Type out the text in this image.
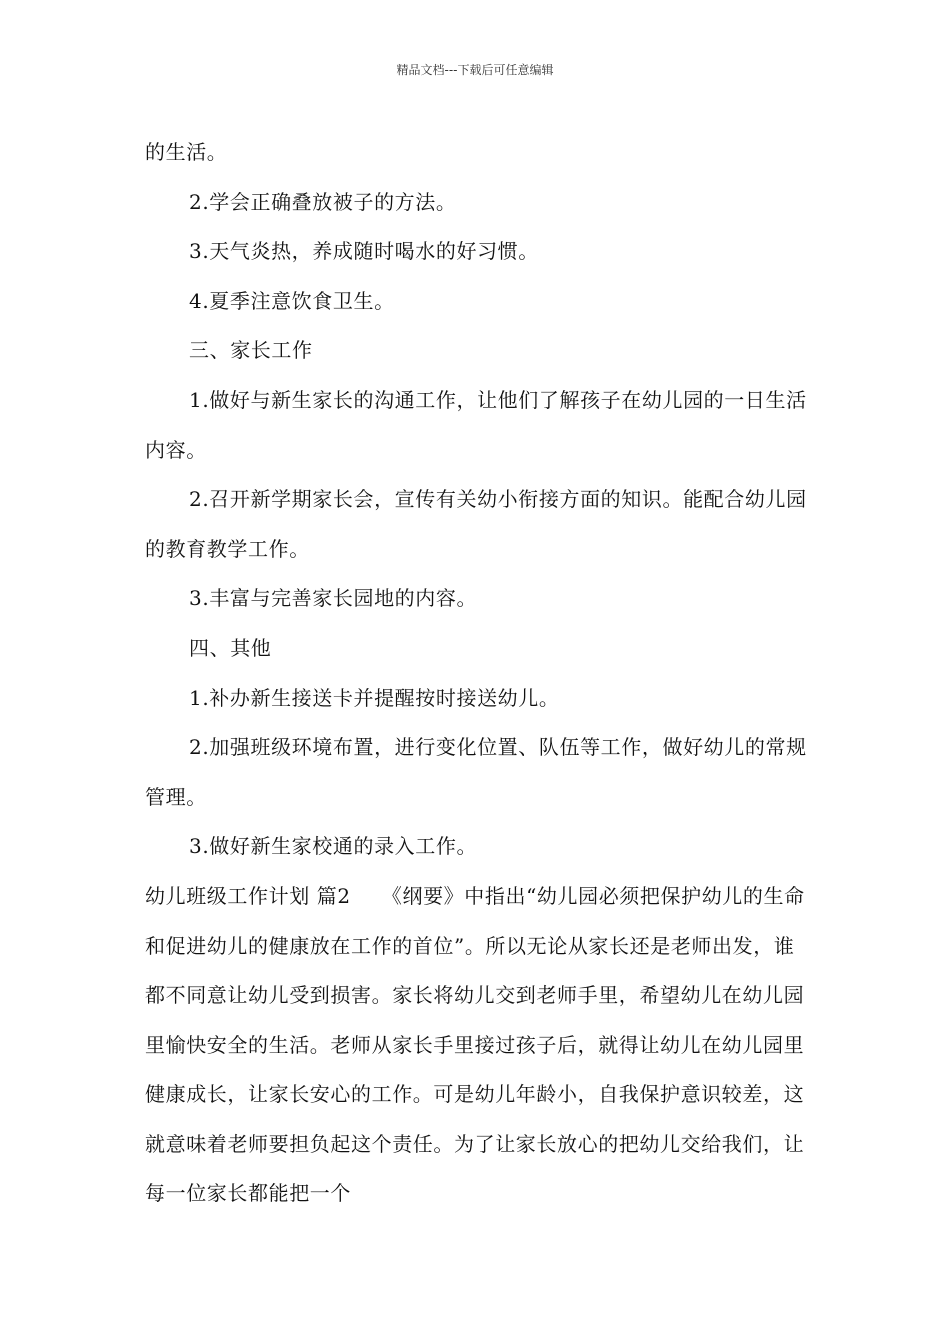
精品文档---下载后可任意编辑

的生活。

2.学会正确叠放被子的方法。

3.天气炎热，养成随时喝水的好习惯。

4.夏季注意饮食卫生。

三、家长工作

1.做好与新生家长的沟通工作，让他们了解孩子在幼儿园的一日生活内容。

2.召开新学期家长会，宣传有关幼小衔接方面的知识。能配合幼儿园的教育教学工作。

3.丰富与完善家长园地的内容。

四、其他

1.补办新生接送卡并提醒按时接送幼儿。

2.加强班级环境布置，进行变化位置、队伍等工作，做好幼儿的常规管理。

3.做好新生家校通的录入工作。

幼儿班级工作计划 篇2　　《纲要》中指出“幼儿园必须把保护幼儿的生命和促进幼儿的健康放在工作的首位”。所以无论从家长还是老师出发，谁都不同意让幼儿受到损害。家长将幼儿交到老师手里，希望幼儿在幼儿园里愉快安全的生活。老师从家长手里接过孩子后，就得让幼儿在幼儿园里健康成长，让家长安心的工作。可是幼儿年龄小，自我保护意识较差，这就意味着老师要担负起这个责任。为了让家长放心的把幼儿交给我们，让每一位家长都能把一个
